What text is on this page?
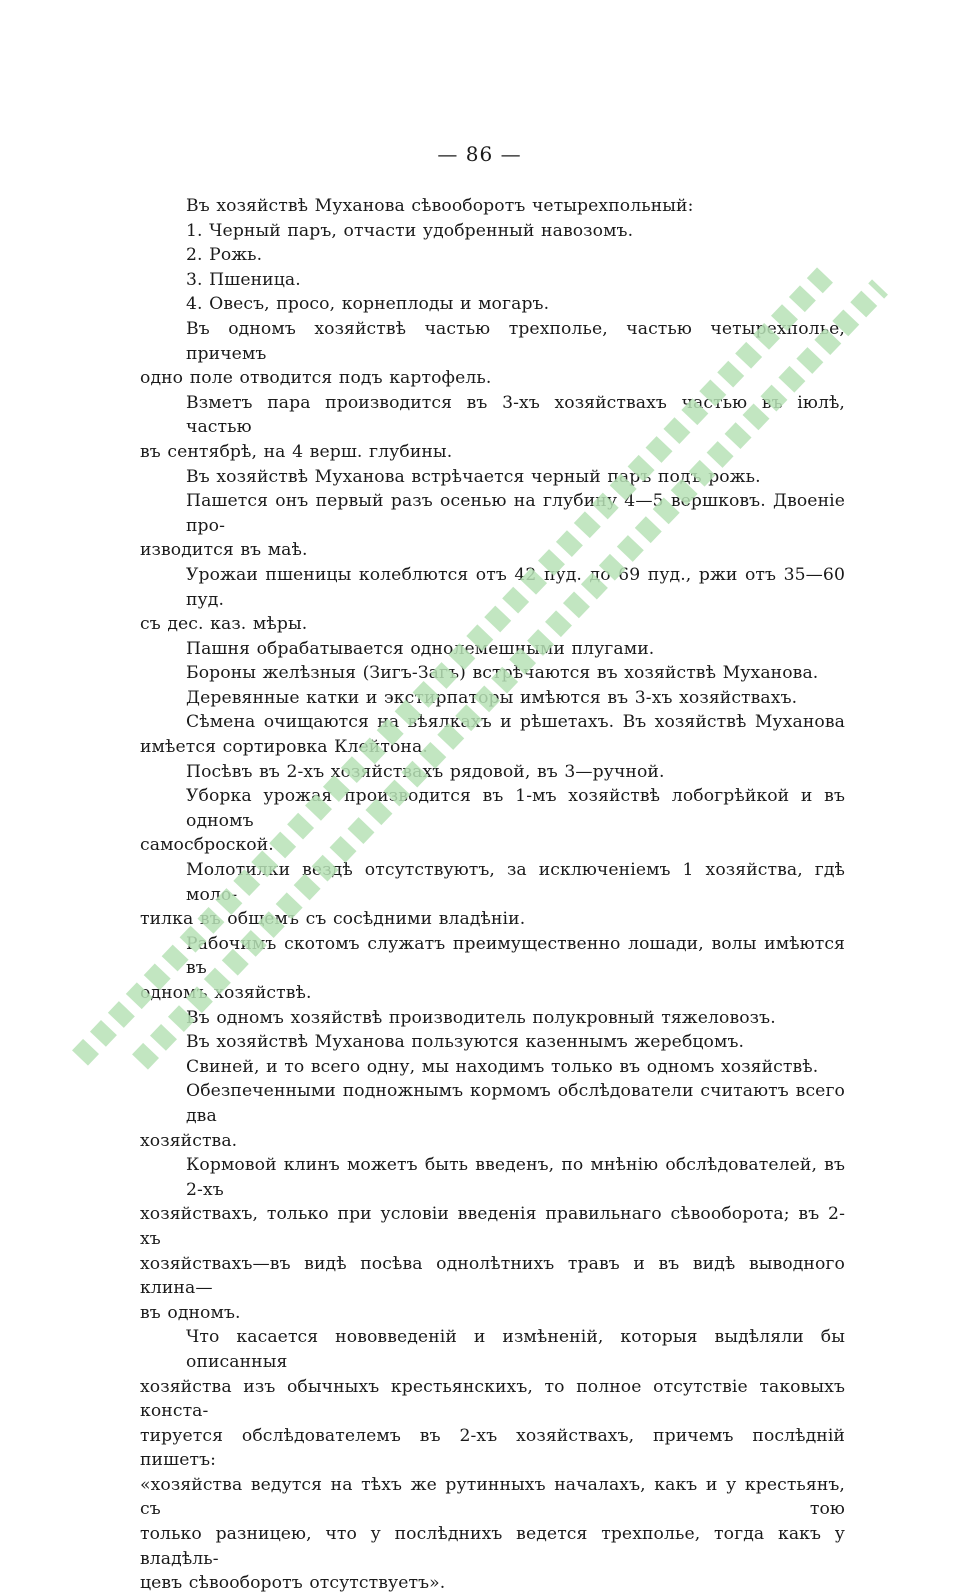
— 86 —
Въ хозяйствѣ Муханова сѣвооборотъ четырехпольный:
1. Черный паръ, отчасти удобренный навозомъ.
2. Рожь.
3. Пшеница.
4. Овесъ, просо, корнеплоды и могаръ.
Въ одномъ хозяйствѣ частью трехполье, частью четырехполье, причемъ
одно поле отводится подъ картофель.
Взметъ пара производится въ 3-хъ хозяйствахъ частью въ iюлѣ, частью
въ сентябрѣ, на 4 верш. глубины.
Въ хозяйствѣ Муханова встрѣчается черный паръ подъ рожь.
Пашется онъ первый разъ осенью на глубину 4—5 вершковъ. Двоенiе про-
изводится въ маѣ.
Урожаи пшеницы колеблются отъ 42 пуд. до 69 пуд., ржи отъ 35—60 пуд.
съ дес. каз. мѣры.
Пашня обрабатывается однолемешными плугами.
Бороны желѣзныя (Зигъ-Загъ) встрѣчаются въ хозяйствѣ Муханова.
Деревянные катки и экстирпаторы имѣются въ 3-хъ хозяйствахъ.
Сѣмена очищаются на вѣялкахъ и рѣшетахъ. Въ хозяйствѣ Муханова
имѣется сортировка Клейтона.
Посѣвъ въ 2-хъ хозяйствахъ рядовой, въ 3—ручной.
Уборка урожая производится въ 1-мъ хозяйствѣ лобогрѣйкой и въ одномъ
самосброской.
Молотилки вездѣ отсутствуютъ, за исключенiемъ 1 хозяйства, гдѣ моло-
тилка въ общемъ съ сосѣдними владѣнiи.
Рабочимъ скотомъ служатъ преимущественно лошади, волы имѣются въ
одномъ хозяйствѣ.
Въ одномъ хозяйствѣ производитель полукровный тяжеловозъ.
Въ хозяйствѣ Муханова пользуются казеннымъ жеребцомъ.
Свиней, и то всего одну, мы находимъ только въ одномъ хозяйствѣ.
Обезпеченными подножнымъ кормомъ обслѣдователи считаютъ всего два
хозяйства.
Кормовой клинъ можетъ быть введенъ, по мнѣнiю обслѣдователей, въ 2-хъ
хозяйствахъ, только при условiи введенiя правильнаго сѣвооборота; въ 2-хъ
хозяйствахъ—въ видѣ посѣва однолѣтнихъ травъ и въ видѣ выводного клина—
въ одномъ.
Что касается нововведенiй и измѣненiй, которыя выдѣляли бы описанныя
хозяйства изъ обычныхъ крестьянскихъ, то полное отсутствiе таковыхъ конста-
тируется обслѣдователемъ въ 2-хъ хозяйствахъ, причемъ послѣднiй пишетъ:
«хозяйства ведутся на тѣхъ же рутинныхъ началахъ, какъ и у крестьянъ, съ тою
только разницею, что у послѣднихъ ведется трехполье, тогда какъ у владѣль-
цевъ сѣвооборотъ отсутствуетъ».
